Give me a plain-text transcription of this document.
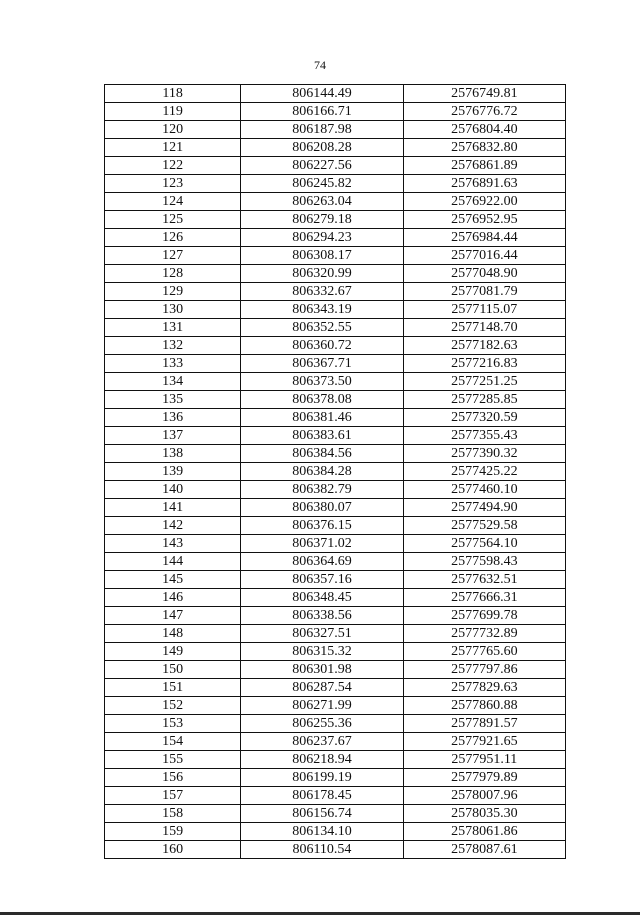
74
118	806144.49	2576749.81
119	806166.71	2576776.72
120	806187.98	2576804.40
121	806208.28	2576832.80
122	806227.56	2576861.89
123	806245.82	2576891.63
124	806263.04	2576922.00
125	806279.18	2576952.95
126	806294.23	2576984.44
127	806308.17	2577016.44
128	806320.99	2577048.90
129	806332.67	2577081.79
130	806343.19	2577115.07
131	806352.55	2577148.70
132	806360.72	2577182.63
133	806367.71	2577216.83
134	806373.50	2577251.25
135	806378.08	2577285.85
136	806381.46	2577320.59
137	806383.61	2577355.43
138	806384.56	2577390.32
139	806384.28	2577425.22
140	806382.79	2577460.10
141	806380.07	2577494.90
142	806376.15	2577529.58
143	806371.02	2577564.10
144	806364.69	2577598.43
145	806357.16	2577632.51
146	806348.45	2577666.31
147	806338.56	2577699.78
148	806327.51	2577732.89
149	806315.32	2577765.60
150	806301.98	2577797.86
151	806287.54	2577829.63
152	806271.99	2577860.88
153	806255.36	2577891.57
154	806237.67	2577921.65
155	806218.94	2577951.11
156	806199.19	2577979.89
157	806178.45	2578007.96
158	806156.74	2578035.30
159	806134.10	2578061.86
160	806110.54	2578087.61
